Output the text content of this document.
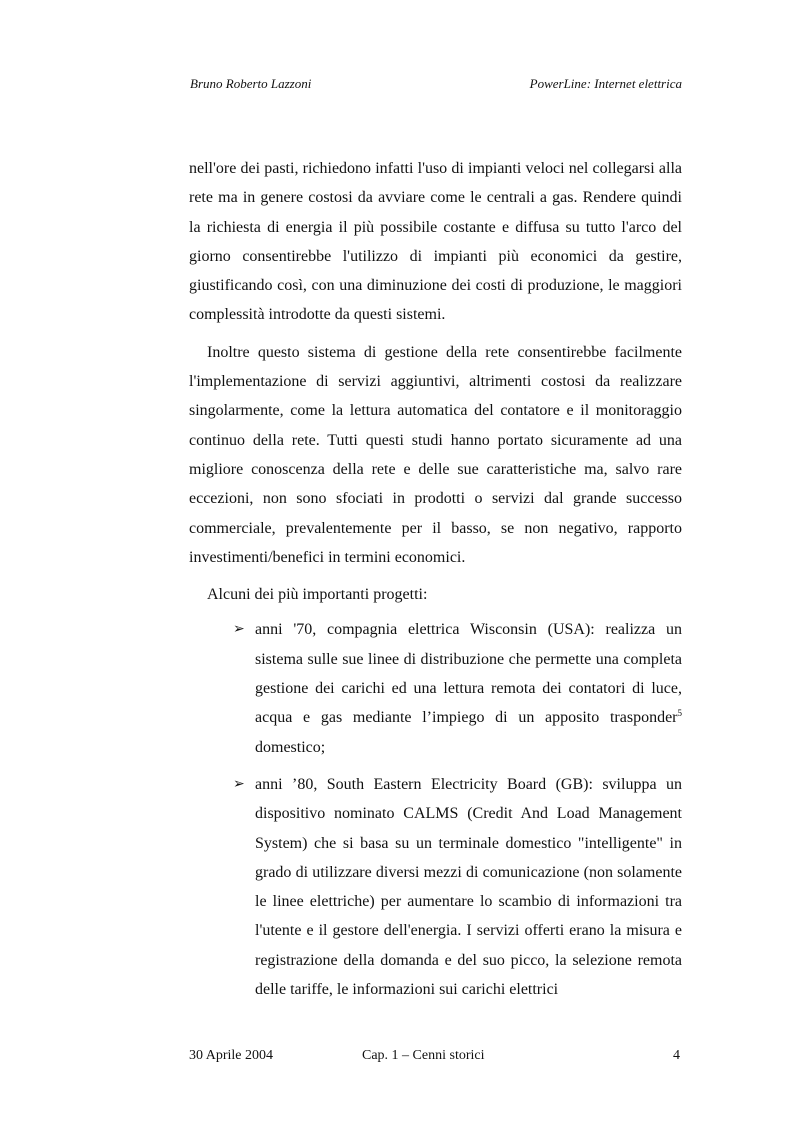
Bruno Roberto Lazzoni	PowerLine: Internet elettrica

nell'ore dei pasti, richiedono infatti l'uso di impianti veloci nel collegarsi alla rete ma in genere costosi da avviare come le centrali a gas. Rendere quindi la richiesta di energia il più possibile costante e diffusa su tutto l'arco del giorno consentirebbe l'utilizzo di impianti più economici da gestire, giustificando così, con una diminuzione dei costi di produzione, le maggiori complessità introdotte da questi sistemi.

Inoltre questo sistema di gestione della rete consentirebbe facilmente l'implementazione di servizi aggiuntivi, altrimenti costosi da realizzare singolarmente, come la lettura automatica del contatore e il monitoraggio continuo della rete. Tutti questi studi hanno portato sicuramente ad una migliore conoscenza della rete e delle sue caratteristiche ma, salvo rare eccezioni, non sono sfociati in prodotti o servizi dal grande successo commerciale, prevalentemente per il basso, se non negativo, rapporto investimenti/benefici in termini economici.

Alcuni dei più importanti progetti:

➢ anni '70, compagnia elettrica Wisconsin (USA): realizza un sistema sulle sue linee di distribuzione che permette una completa gestione dei carichi ed una lettura remota dei contatori di luce, acqua e gas mediante l’impiego di un apposito trasponder$^5$ domestico;
➢ anni ’80, South Eastern Electricity Board (GB): sviluppa un dispositivo nominato CALMS (Credit And Load Management System) che si basa su un terminale domestico "intelligente" in grado di utilizzare diversi mezzi di comunicazione (non solamente le linee elettriche) per aumentare lo scambio di informazioni tra l'utente e il gestore dell'energia. I servizi offerti erano la misura e registrazione della domanda e del suo picco, la selezione remota delle tariffe, le informazioni sui carichi elettrici
30 Aprile 2004	Cap. 1 – Cenni storici	4
